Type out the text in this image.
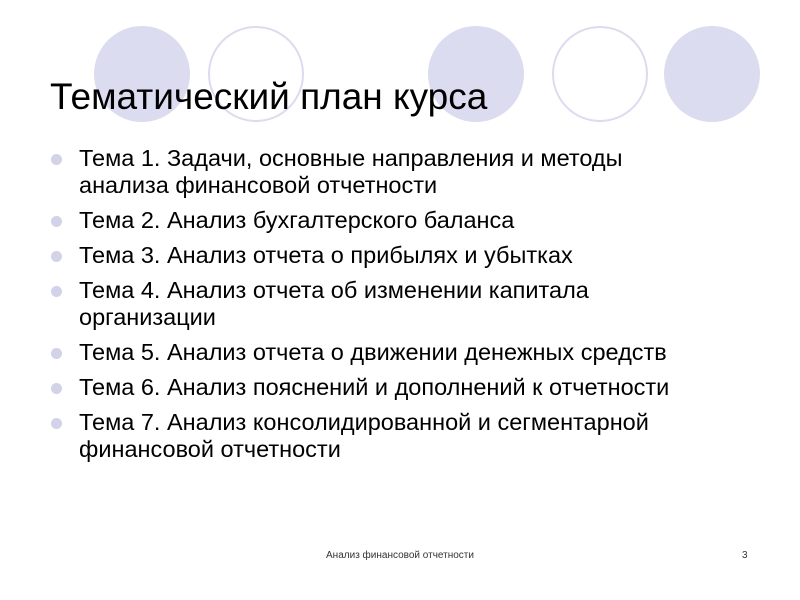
Тематический план курса
Тема 1. Задачи, основные направления и методы
анализа финансовой отчетности
Тема 2. Анализ бухгалтерского баланса
Тема 3. Анализ отчета о прибылях и убытках
Тема 4. Анализ отчета об изменении капитала
организации
Тема 5. Анализ отчета о движении денежных средств
Тема 6. Анализ пояснений и дополнений к отчетности
Тема 7. Анализ консолидированной и сегментарной
финансовой отчетности
Анализ финансовой отчетности	3
